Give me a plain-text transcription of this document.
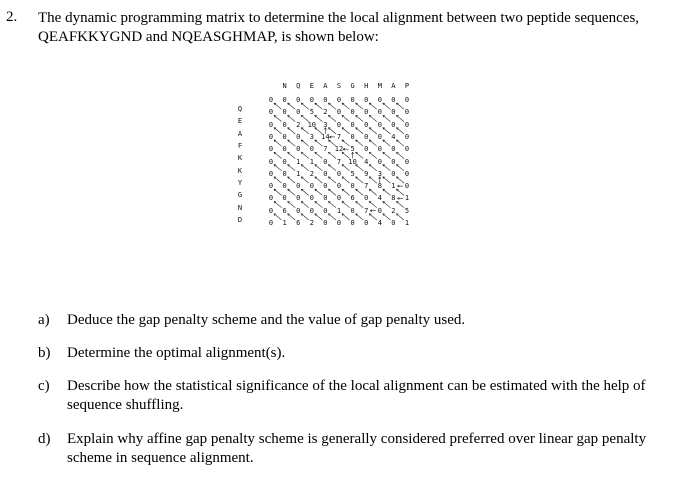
2. The dynamic programming matrix to determine the local alignment between two peptide sequences, QEAFKKYGND and NQEASGHMAP, is shown below:
N Q E A S G H M A P
Q
E
A
F
K
K
Y
G
N
D
0 0 0 0 0 0 0 0 0 0 0
0 0 0 5 2 0 0 0 0 0 0
0 0 2 10 3 0 0 0 0 0 0
0 0 0 3 14 7 0 0 0 4 0
0 0 0 0 7 12 5 0 0 0 0
0 0 1 1 0 7 10 4 0 0 0
0 0 1 2 0 0 5 9 3 0 0
0 0 0 0 0 0 0 7 8 1 0
0 0 0 0 0 0 6 0 4 8 1
0 6 0 0 0 1 0 7 0 2 5
0 1 6 2 0 0 0 0 4 0 1
a) Deduce the gap penalty scheme and the value of gap penalty used.
b) Determine the optimal alignment(s).
c) Describe how the statistical significance of the local alignment can be estimated with the help of sequence shuffling.
d) Explain why affine gap penalty scheme is generally considered preferred over linear gap penalty scheme in sequence alignment.
